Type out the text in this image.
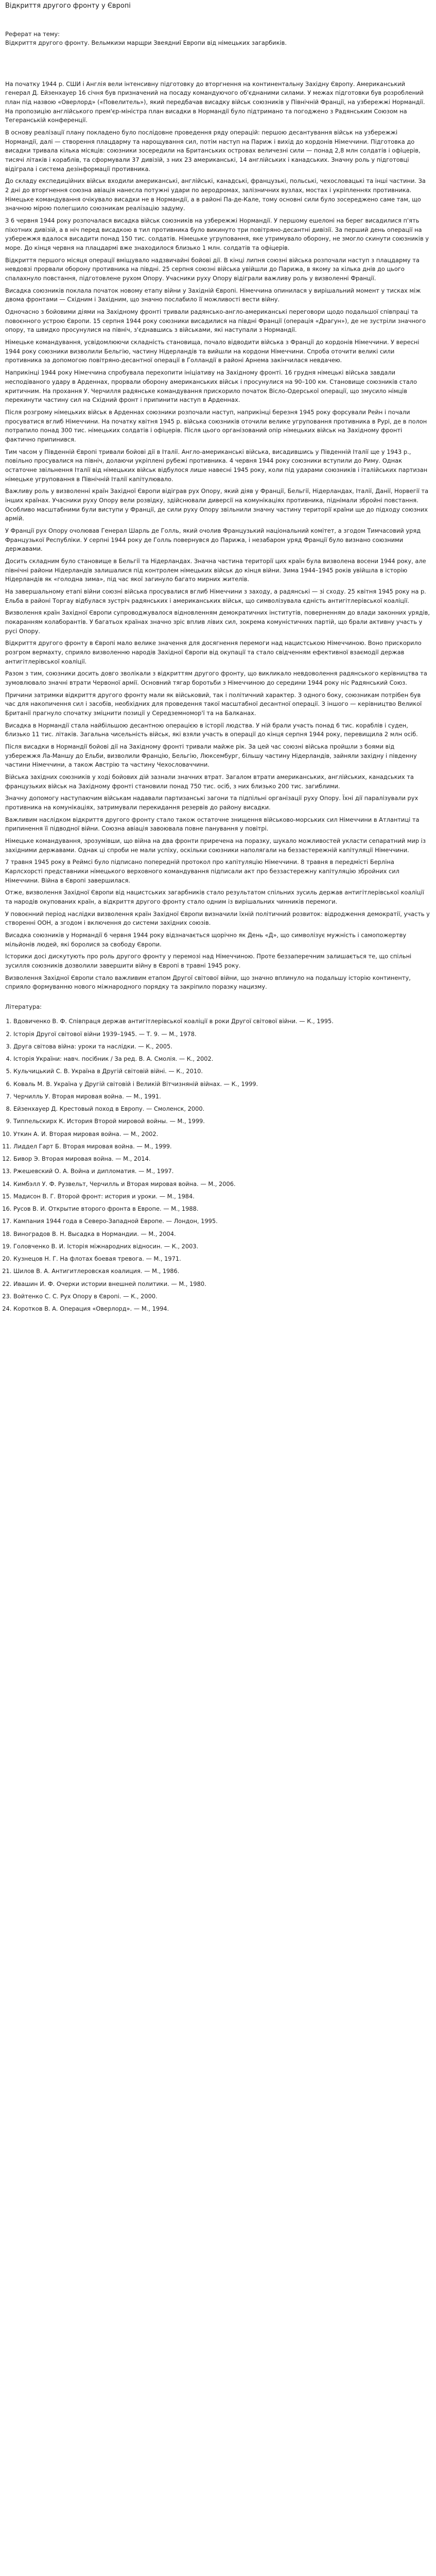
Відкриття другого фронту у Європі
Реферат на тему:
Відкриття другого фронту. Вельмкиэи марщри Звеядниї Европи від німецьких загарбиків.

На початку 1944 р. СШИ і Англія вели інтенсивну підготовку до вторгнення на континентальну Західну Європу. Американський генерал Д. Ейзенхауер 16 січня був призначений на посаду командуючого об'єднаними силами. У межах підготовки був розроблений план під назвою «Оверлорд» («Повелитель»), який передбачав висадку військ союзників у Північній Франції, на узбережжі Нормандії. На пропозицію англійського прем'єр-міністра план висадки в Нормандії було підтримано та погоджено з Радянським Союзом на Тегеранській конференції.

В основу реалізації плану покладено було послідовне проведення ряду операцій: першою десантування військ на узбережжі Нормандії, далі — створення плацдарму та нарощування сил, потім наступ на Париж і вихід до кордонів Німеччини. Підготовка до висадки тривала кілька місяців: союзники зосередили на Британських островах величезні сили — понад 2,8 млн солдатів і офіцерів, тисячі літаків і кораблів, та сформували 37 дивізій, з них 23 американські, 14 англійських і канадських. Значну роль у підготовці відіграла і система дезінформації противника.

До складу експедиційних військ входили американські, англійські, канадські, французькі, польські, чехословацькі та інші частини. За 2 дні до вторгнення союзна авіація нанесла потужні удари по аеродромах, залізничних вузлах, мостах і укріпленнях противника. Німецьке командування очікувало висадки не в Нормандії, а в районі Па-де-Кале, тому основні сили було зосереджено саме там, що значною мірою полегшило союзникам реалізацію задуму.

З 6 червня 1944 року розпочалася висадка військ союзників на узбережжі Нормандії. У першому ешелоні на берег висадилися п'ять піхотних дивізій, а в ніч перед висадкою в тил противника було викинуто три повітряно-десантні дивізії. За перший день операції на узбережжя вдалося висадити понад 150 тис. солдатів. Німецьке угруповання, яке утримувало оборону, не змогло скинути союзників у море. До кінця червня на плацдармі вже знаходилося близько 1 млн. солдатів та офіцерів.

Відкриття першого місяця операції вміщувало надзвичайні бойові дії. В кінці липня союзні війська розпочали наступ з плацдарму та невдовзі прорвали оборону противника на півдні. 25 серпня союзні війська увійшли до Парижа, в якому за кілька днів до цього спалахнуло повстання, підготовлене рухом Опору. Учасники руху Опору відіграли важливу роль у визволенні Франції.

Висадка союзників поклала початок новому етапу війни у Західній Європі. Німеччина опинилася у вирішальний момент у тисках між двома фронтами — Східним і Західним, що значно послабило її можливості вести війну.

Одночасно з бойовими діями на Західному фронті тривали радянсько-англо-американські переговори щодо подальшої співпраці та повоєнного устрою Європи. 15 серпня 1944 року союзники висадилися на півдні Франції (операція «Драгун»), де не зустріли значного опору, та швидко просунулися на північ, з'єднавшись з військами, які наступали з Нормандії.

Німецьке командування, усвідомлюючи складність становища, почало відводити війська з Франції до кордонів Німеччини. У вересні 1944 року союзники визволили Бельгію, частину Нідерландів та вийшли на кордони Німеччини. Спроба оточити великі сили противника за допомогою повітряно-десантної операції в Голландії в районі Арнема закінчилася невдачею.

Наприкінці 1944 року Німеччина спробувала перехопити ініціативу на Західному фронті. 16 грудня німецькі війська завдали несподіваного удару в Арденнах, прорвали оборону американських військ і просунулися на 90–100 км. Становище союзників стало критичним. На прохання У. Черчилля радянське командування прискорило початок Вісло-Одерської операції, що змусило німців перекинути частину сил на Східний фронт і припинити наступ в Арденнах.

Після розгрому німецьких військ в Арденнах союзники розпочали наступ, наприкінці березня 1945 року форсували Рейн і почали просуватися вглиб Німеччини. На початку квітня 1945 р. війська союзників оточили велике угруповання противника в Рурі, де в полон потрапило понад 300 тис. німецьких солдатів і офіцерів. Після цього організований опір німецьких військ на Західному фронті фактично припинився.

Тим часом у Південній Європі тривали бойові дії в Італії. Англо-американські війська, висадившись у Південній Італії ще у 1943 р., повільно просувалися на північ, долаючи укріплені рубежі противника. 4 червня 1944 року союзники вступили до Риму. Однак остаточне звільнення Італії від німецьких військ відбулося лише навесні 1945 року, коли під ударами союзників і італійських партизан німецьке угруповання в Північній Італії капітулювало.

Важливу роль у визволенні країн Західної Європи відіграв рух Опору, який діяв у Франції, Бельгії, Нідерландах, Італії, Данії, Норвегії та інших країнах. Учасники руху Опору вели розвідку, здійснювали диверсії на комунікаціях противника, піднімали збройні повстання. Особливо масштабними були виступи у Франції, де сили руху Опору звільнили значну частину території країни ще до підходу союзних армій.

У Франції рух Опору очолював Генерал Шарль де Голль, який очолив Французький національний комітет, а згодом Тимчасовий уряд Французької Республіки. У серпні 1944 року де Голль повернувся до Парижа, і незабаром уряд Франції було визнано союзними державами.

Досить складним було становище в Бельгії та Нідерландах. Значна частина території цих країн була визволена восени 1944 року, але північні райони Нідерландів залишалися під контролем німецьких військ до кінця війни. Зима 1944–1945 років увійшла в історію Нідерландів як «голодна зима», під час якої загинуло багато мирних жителів.

На завершальному етапі війни союзні війська просувалися вглиб Німеччини з заходу, а радянські — зі сходу. 25 квітня 1945 року на р. Ельба в районі Торгау відбулася зустріч радянських і американських військ, що символізувала єдність антигітлерівської коаліції.

Визволення країн Західної Європи супроводжувалося відновленням демократичних інститутів, поверненням до влади законних урядів, покаранням колаборантів. У багатьох країнах значно зріс вплив лівих сил, зокрема комуністичних партій, що брали активну участь у русі Опору.

Відкриття другого фронту в Європі мало велике значення для досягнення перемоги над нацистською Німеччиною. Воно прискорило розгром вермахту, сприяло визволенню народів Західної Європи від окупації та стало свідченням ефективної взаємодії держав антигітлерівської коаліції.

Разом з тим, союзники досить довго зволікали з відкриттям другого фронту, що викликало невдоволення радянського керівництва та зумовлювало значні втрати Червоної армії. Основний тягар боротьби з Німеччиною до середини 1944 року ніс Радянський Союз.

Причини затримки відкриття другого фронту мали як військовий, так і політичний характер. З одного боку, союзникам потрібен був час для накопичення сил і засобів, необхідних для проведення такої масштабної десантної операції. З іншого — керівництво Великої Британії прагнуло спочатку зміцнити позиції у Середземномор'ї та на Балканах.

Висадка в Нормандії стала найбільшою десантною операцією в історії людства. У ній брали участь понад 6 тис. кораблів і суден, близько 11 тис. літаків. Загальна чисельність військ, які взяли участь в операції до кінця серпня 1944 року, перевищила 2 млн осіб.

Після висадки в Нормандії бойові дії на Західному фронті тривали майже рік. За цей час союзні війська пройшли з боями від узбережжя Ла-Маншу до Ельби, визволили Францію, Бельгію, Люксембург, більшу частину Нідерландів, зайняли західну і південну частини Німеччини, а також Австрію та частину Чехословаччини.

Війська західних союзників у ході бойових дій зазнали значних втрат. Загалом втрати американських, англійських, канадських та французьких військ на Західному фронті становили понад 750 тис. осіб, з них близько 200 тис. загиблими.

Значну допомогу наступаючим військам надавали партизанські загони та підпільні організації руху Опору. Їхні дії паралізували рух противника на комунікаціях, затримували перекидання резервів до району висадки.

Важливим наслідком відкриття другого фронту стало також остаточне знищення військово-морських сил Німеччини в Атлантиці та припинення її підводної війни. Союзна авіація завоювала повне панування у повітрі.

Німецьке командування, зрозумівши, що війна на два фронти приречена на поразку, шукало можливостей укласти сепаратний мир із західними державами. Однак ці спроби не мали успіху, оскільки союзники наполягали на беззастережній капітуляції Німеччини.

7 травня 1945 року в Реймсі було підписано попередній протокол про капітуляцію Німеччини. 8 травня в передмісті Берліна Карлсхорсті представники німецького верховного командування підписали акт про беззастережну капітуляцію збройних сил Німеччини. Війна в Європі завершилася.

Отже, визволення Західної Європи від нацистських загарбників стало результатом спільних зусиль держав антигітлерівської коаліції та народів окупованих країн, а відкриття другого фронту стало одним із вирішальних чинників перемоги.

У повоєнний період наслідки визволення країн Західної Європи визначили їхній політичний розвиток: відродження демократії, участь у створенні ООН, а згодом і включення до системи західних союзів.

Висадка союзників у Нормандії 6 червня 1944 року відзначається щорічно як День «Д», що символізує мужність і самопожертву мільйонів людей, які боролися за свободу Європи.

Історики досі дискутують про роль другого фронту у перемозі над Німеччиною. Проте беззаперечним залишається те, що спільні зусилля союзників дозволили завершити війну в Європі в травні 1945 року.

Визволення Західної Європи стало важливим етапом Другої світової війни, що значно вплинуло на подальшу історію континенту, сприяло формуванню нового міжнародного порядку та закріпило поразку нацизму.

Література:
1. Вдовиченко В. Ф. Співпраця держав антигітлерівської коаліції в роки Другої світової війни. — К., 1995.
2. Історія Другої світової війни 1939–1945. — Т. 9. — М., 1978.
3. Друга світова війна: уроки та наслідки. — К., 2005.
4. Історія України: навч. посібник / За ред. В. А. Смолія. — К., 2002.
5. Кульчицький С. В. Україна в Другій світовій війні. — К., 2010.
6. Коваль М. В. Україна у Другій світовій і Великій Вітчизняній війнах. — К., 1999.
7. Черчилль У. Вторая мировая война. — М., 1991.
8. Ейзенхауер Д. Крестовый поход в Европу. — Смоленск, 2000.
9. Типпельскирх К. История Второй мировой войны. — М., 1999.
10. Уткин А. И. Вторая мировая война. — М., 2002.
11. Лиддел Гарт Б. Вторая мировая война. — М., 1999.
12. Бивор Э. Вторая мировая война. — М., 2014.
13. Ржешевский О. А. Война и дипломатия. — М., 1997.
14. Кимбэлл У. Ф. Рузвельт, Черчилль и Вторая мировая война. — М., 2006.
15. Мадисон В. Г. Второй фронт: история и уроки. — М., 1984.
16. Русов В. И. Открытие второго фронта в Европе. — М., 1988.
17. Кампания 1944 года в Северо-Западной Европе. — Лондон, 1995.
18. Виноградов В. Н. Высадка в Нормандии. — М., 2004.
19. Головченко В. И. Історія міжнародних відносин. — К., 2003.
20. Кузнецов Н. Г. На флотах боевая тревога. — М., 1971.
21. Шилов В. А. Антигитлеровская коалиция. — М., 1986.
22. Ивашин И. Ф. Очерки истории внешней политики. — М., 1980.
23. Войтенко С. С. Рух Опору в Європі. — К., 2000.
24. Коротков В. А. Операция «Оверлорд». — М., 1994.
